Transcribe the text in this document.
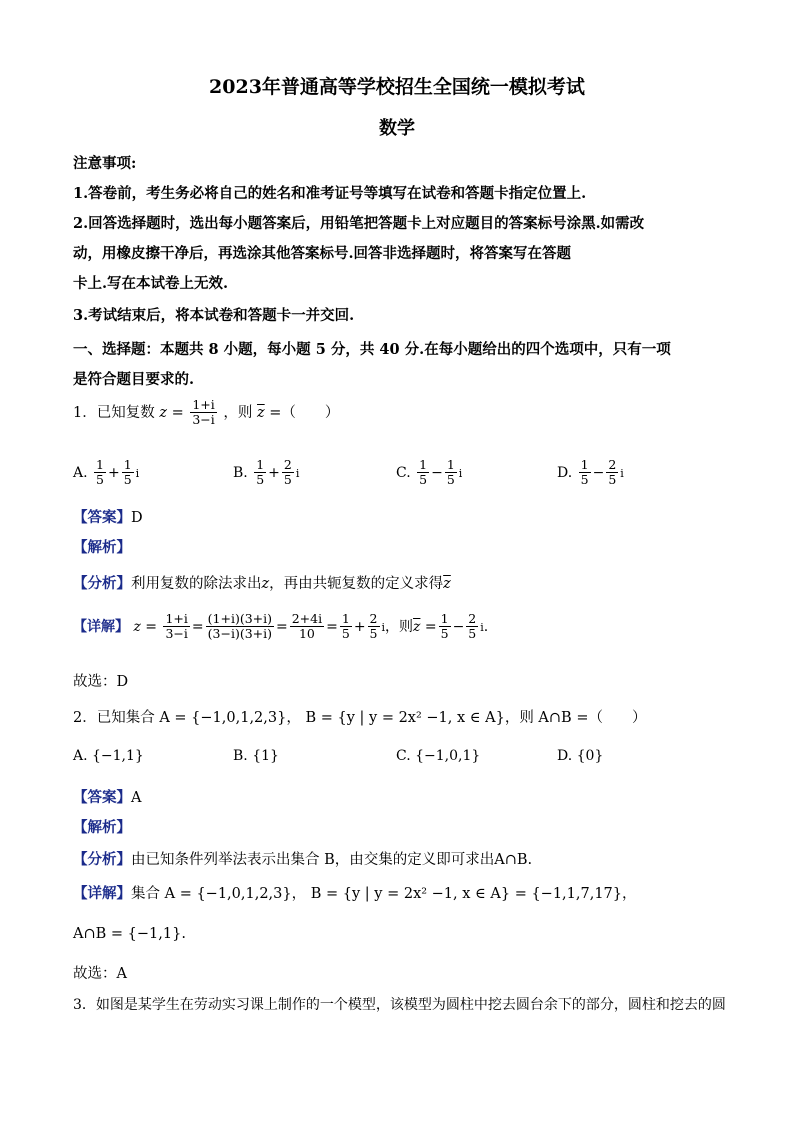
2023年普通高等学校招生全国统一模拟考试
数学
注意事项:
1.答卷前，考生务必将自己的姓名和准考证号等填写在试卷和答题卡指定位置上.
2.回答选择题时，选出每小题答案后，用铅笔把答题卡上对应题目的答案标号涂黑.如需改
动，用橡皮擦干净后，再选涂其他答案标号.回答非选择题时，将答案写在答题
卡上.写在本试卷上无效.
3.考试结束后，将本试卷和答题卡一并交回.
一、选择题：本题共 8 小题，每小题 5 分，共 40 分.在每小题给出的四个选项中，只有一项
是符合题目要求的.
1．已知复数 $z = \frac{1+i}{3-i}$ ，则 $\overline{z}$ =（　　）
A. $\frac{1}{5} + \frac{1}{5}$ i	B. $\frac{1}{5} + \frac{2}{5}$ i	C. $\frac{1}{5} - \frac{1}{5}$ i	D. $\frac{1}{5} - \frac{2}{5}$ i
【答案】D
【解析】
【分析】利用复数的除法求出z，再由共轭复数的定义求得$\overline{z}$
【详解】 $z = \frac{1+i}{3-i} = \frac{(1+i)(3+i)}{(3-i)(3+i)} = \frac{2+4i}{10} = \frac{1}{5} + \frac{2}{5}$ i，则$\overline{z} = \frac{1}{5} - \frac{2}{5} i$.
故选：D
2．已知集合 A = {−1,0,1,2,3}， B = {y | y = 2x² −1, x ∈ A}，则 A∩B =（　　）
A. {−1,1}	B. {1}	C. {−1,0,1}	D. {0}
【答案】A
【解析】
【分析】由已知条件列举法表示出集合 B，由交集的定义即可求出A∩B.
【详解】集合 A = {−1,0,1,2,3}， B = {y | y = 2x² −1, x ∈ A} = {−1,1,7,17}，
A∩B = {−1,1}.
故选：A
3．如图是某学生在劳动实习课上制作的一个模型，该模型为圆柱中挖去圆台余下的部分，圆柱和挖去的圆
